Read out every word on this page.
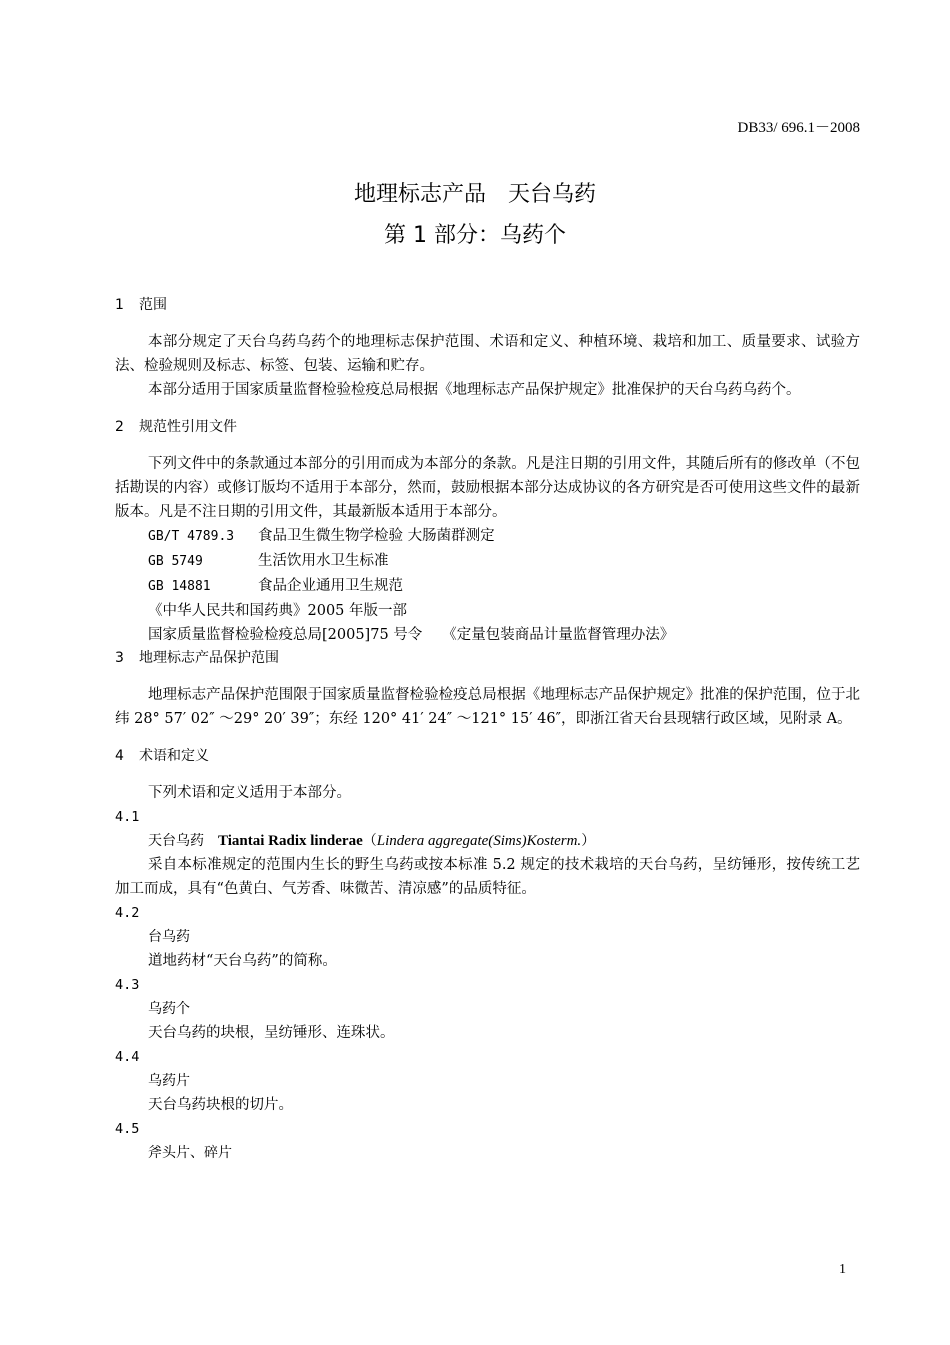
DB33/ 696.1－2008
地理标志产品　天台乌药
第 1 部分：乌药个
1 范围

本部分规定了天台乌药乌药个的地理标志保护范围、术语和定义、种植环境、栽培和加工、质量要求、试验方法、检验规则及标志、标签、包装、运输和贮存。

本部分适用于国家质量监督检验检疫总局根据《地理标志产品保护规定》批准保护的天台乌药乌药个。

2 规范性引用文件

下列文件中的条款通过本部分的引用而成为本部分的条款。凡是注日期的引用文件，其随后所有的修改单（不包括勘误的内容）或修订版均不适用于本部分，然而，鼓励根据本部分达成协议的各方研究是否可使用这些文件的最新版本。凡是不注日期的引用文件，其最新版本适用于本部分。

GB/T 4789.3 食品卫生微生物学检验 大肠菌群测定

GB 5749	生活饮用水卫生标准

GB 14881	食品企业通用卫生规范

《中华人民共和国药典》2005 年版一部

国家质量监督检验检疫总局[2005]75 号令 《定量包装商品计量监督管理办法》

3 地理标志产品保护范围

地理标志产品保护范围限于国家质量监督检验检疫总局根据《地理标志产品保护规定》批准的保护范围，位于北纬 28° 57′ 02″ ～29° 20′ 39″；东经 120° 41′ 24″ ～121° 15′ 46″，即浙江省天台县现辖行政区域，见附录 A。

4 术语和定义

下列术语和定义适用于本部分。

4.1

天台乌药　 Tiantai Radix linderae（Lindera aggregate(Sims)Kosterm.）

采自本标准规定的范围内生长的野生乌药或按本标准 5.2 规定的技术栽培的天台乌药，呈纺锤形，按传统工艺加工而成，具有“色黄白、气芳香、味微苦、清凉感”的品质特征。

4.2

台乌药

道地药材“天台乌药”的简称。

4.3

乌药个

天台乌药的块根，呈纺锤形、连珠状。

4.4

乌药片

天台乌药块根的切片。

4.5

斧头片、碎片

1
